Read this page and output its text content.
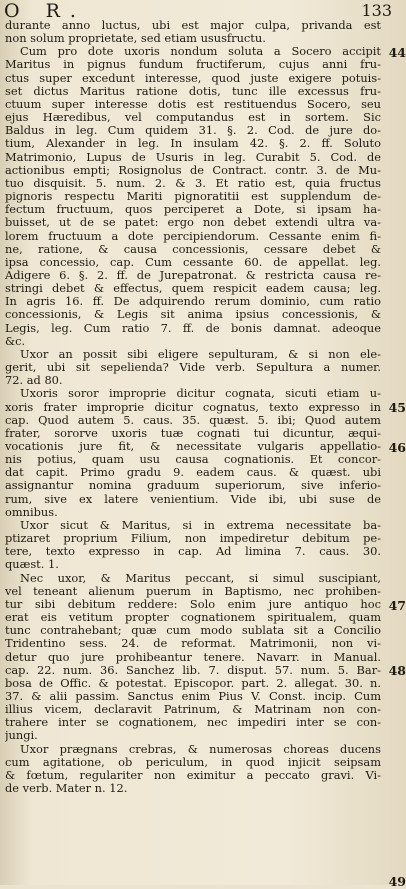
O R.	133
durante anno luctus, ubi est major culpa, privanda est
non solum proprietate, sed etiam ususfructu.
Cum pro dote uxoris nondum soluta a Socero accipit
Maritus in pignus fundum fructiferum, cujus anni fru-
ctus super excedunt interesse, quod juste exigere potuis-
set dictus Maritus ratione dotis, tunc ille excessus fru-
ctuum super interesse dotis est restituendus Socero, seu
ejus Hæredibus, vel computandus est in sortem. Sic
Baldus in leg. Cum quidem 31. §. 2. Cod. de jure do-
tium, Alexander in leg. In insulam 42. §. 2. ff. Soluto
Matrimonio, Lupus de Usuris in leg. Curabit 5. Cod. de
actionibus empti; Rosignolus de Contract. contr. 3. de Mu-
tuo disquisit. 5. num. 2. & 3. Et ratio est, quia fructus
pignoris respectu Mariti pignoratitii est supplendum de-
fectum fructuum, quos perciperet a Dote, si ipsam ha-
buisset, ut de se patet: ergo non debet extendi ultra va-
lorem fructuum a dote percipiendorum. Cessante enim fi-
ne, ratione, & causa concessionis, cessare debet &
ipsa concessio, cap. Cum cessante 60. de appellat. leg.
Adigere 6. §. 2. ff. de Jurepatronat. & restricta causa re-
stringi debet & effectus, quem respicit eadem causa; leg.
In agris 16. ff. De adquirendo rerum dominio, cum ratio
concessionis, & Legis sit anima ipsius concessionis, &
Legis, leg. Cum ratio 7. ff. de bonis damnat. adeoque
&c.
Uxor an possit sibi eligere sepulturam, & si non ele-
gerit, ubi sit sepelienda? Vide verb. Sepultura a numer.
72. ad 80.
Uxoris soror improprie dicitur cognata, sicuti etiam u-
xoris frater improprie dicitur cognatus, texto expresso in
cap. Quod autem 5. caus. 35. quæst. 5. ibi; Quod autem
frater, sororve uxoris tuæ cognati tui dicuntur, æqui-
vocationis jure fit, & necessitate vulgaris appellatio-
nis potius, quam usu causa cognationis. Et concor-
dat capit. Primo gradu 9. eadem caus. & quæst. ubi
assignantur nomina graduum superiorum, sive inferio-
rum, sive ex latere venientium. Vide ibi, ubi suse de
omnibus.
Uxor sicut & Maritus, si in extrema necessitate ba-
ptizaret proprium Filium, non impediretur debitum pe-
tere, texto expresso in cap. Ad limina 7. caus. 30.
quæst. 1.
Nec uxor, & Maritus peccant, si simul suscipiant,
vel teneant alienum puerum in Baptismo, nec prohiben-
tur sibi debitum reddere: Solo enim jure antiquo hoc
erat eis vetitum propter cognationem spiritualem, quam
tunc contrahebant; quæ cum modo sublata sit a Concilio
Tridentino sess. 24. de reformat. Matrimonii, non vi-
detur quo jure prohibeantur tenere. Navarr. in Manual.
cap. 22. num. 36. Sanchez lib. 7. disput. 57. num. 5. Bar-
bosa de Offic. & potestat. Episcopor. part. 2. allegat. 30. n.
37. & alii passim. Sanctus enim Pius V. Const. incip. Cum
illius vicem, declaravit Patrinum, & Matrinam non con-
trahere inter se cognationem, nec impediri inter se con-
jungi.
Uxor prægnans crebras, & numerosas choreas ducens
cum agitatione, ob periculum, in quod injicit seipsam
& fœtum, regulariter non eximitur a peccato gravi. Vi-
de verb. Mater n. 12.
44
45
46
47
48
49
